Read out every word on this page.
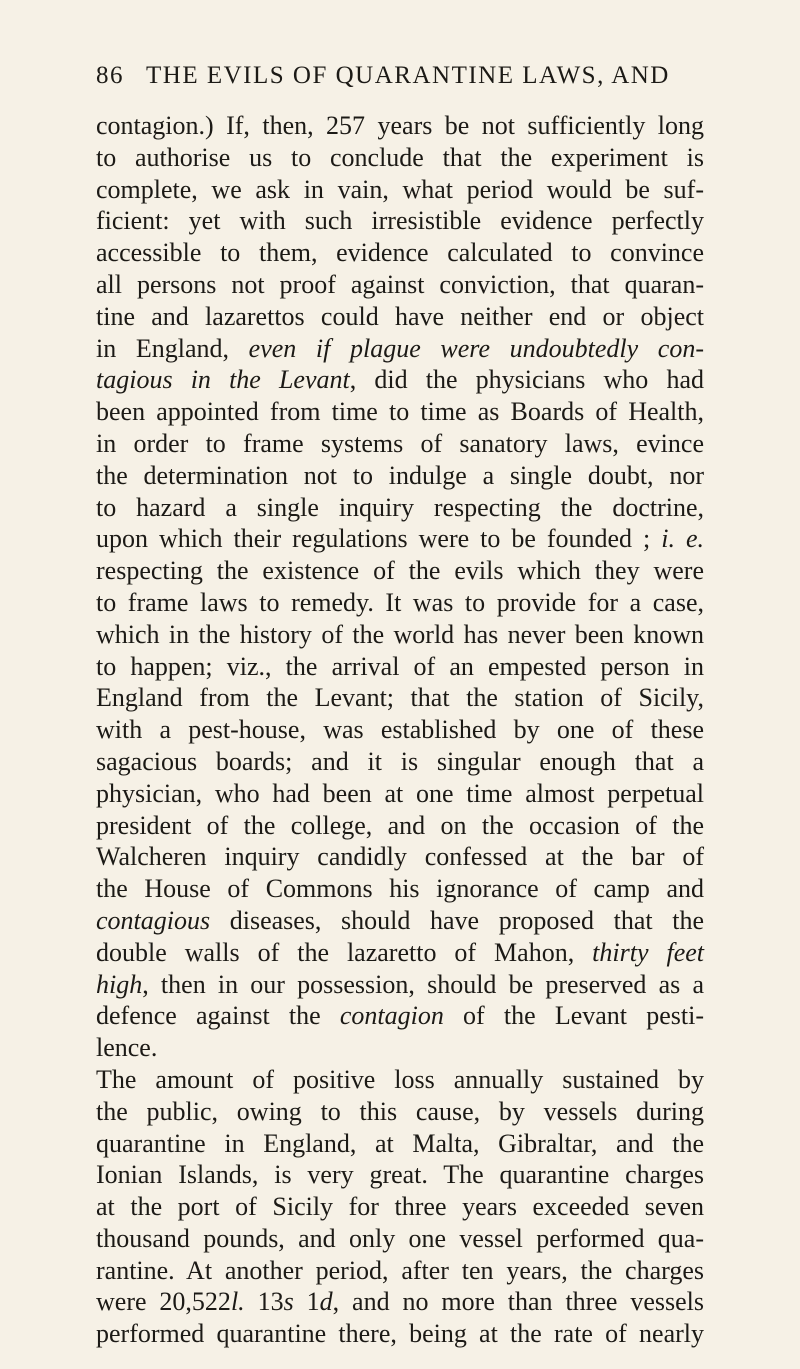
86 THE EVILS OF QUARANTINE LAWS, AND
contagion.) If, then, 257 years be not sufficiently long
to authorise us to conclude that the experiment is
complete, we ask in vain, what period would be suf-
ficient: yet with such irresistible evidence perfectly
accessible to them, evidence calculated to convince
all persons not proof against conviction, that quaran-
tine and lazarettos could have neither end or object
in England, even if plague were undoubtedly con-
tagious in the Levant, did the physicians who had
been appointed from time to time as Boards of Health,
in order to frame systems of sanatory laws, evince
the determination not to indulge a single doubt, nor
to hazard a single inquiry respecting the doctrine,
upon which their regulations were to be founded ; i. e.
respecting the existence of the evils which they were
to frame laws to remedy. It was to provide for a case,
which in the history of the world has never been known
to happen; viz., the arrival of an empested person in
England from the Levant; that the station of Sicily,
with a pest-house, was established by one of these
sagacious boards; and it is singular enough that a
physician, who had been at one time almost perpetual
president of the college, and on the occasion of the
Walcheren inquiry candidly confessed at the bar of
the House of Commons his ignorance of camp and
contagious diseases, should have proposed that the
double walls of the lazaretto of Mahon, thirty feet
high, then in our possession, should be preserved as a
defence against the contagion of the Levant pesti-
lence.
The amount of positive loss annually sustained by
the public, owing to this cause, by vessels during
quarantine in England, at Malta, Gibraltar, and the
Ionian Islands, is very great. The quarantine charges
at the port of Sicily for three years exceeded seven
thousand pounds, and only one vessel performed qua-
rantine. At another period, after ten years, the charges
were 20,522l. 13s 1d, and no more than three vessels
performed quarantine there, being at the rate of nearly
